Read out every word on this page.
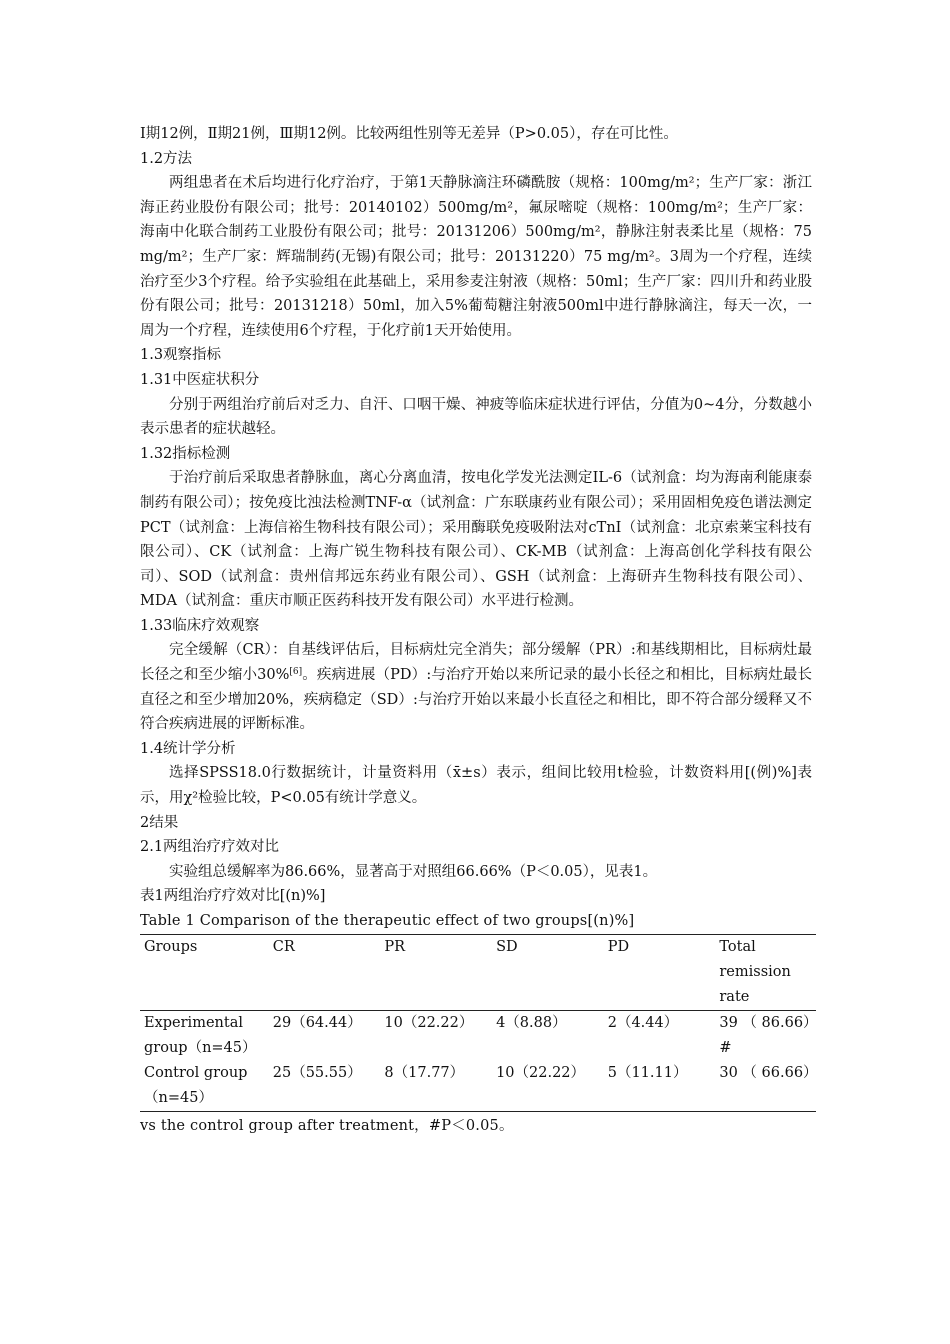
Ⅰ期12例，Ⅱ期21例，Ⅲ期12例。比较两组性别等无差异（P>0.05），存在可比性。
1.2方法

两组患者在术后均进行化疗治疗，于第1天静脉滴注环磷酰胺（规格：100mg/m²；生产厂家：浙江海正药业股份有限公司；批号：20140102）500mg/m²，氟尿嘧啶（规格：100mg/m²；生产厂家：海南中化联合制药工业股份有限公司；批号：20131206）500mg/m²，静脉注射表柔比星（规格：75 mg/m²；生产厂家：辉瑞制药(无锡)有限公司；批号：20131220）75 mg/m²。3周为一个疗程，连续治疗至少3个疗程。给予实验组在此基础上，采用参麦注射液（规格：50ml；生产厂家：四川升和药业股份有限公司；批号：20131218）50ml，加入5%葡萄糖注射液500ml中进行静脉滴注，每天一次，一周为一个疗程，连续使用6个疗程，于化疗前1天开始使用。

1.3观察指标
1.31中医症状积分

分别于两组治疗前后对乏力、自汗、口咽干燥、神疲等临床症状进行评估，分值为0~4分，分数越小表示患者的症状越轻。

1.32指标检测

于治疗前后采取患者静脉血，离心分离血清，按电化学发光法测定IL-6（试剂盒：均为海南利能康泰制药有限公司）；按免疫比浊法检测TNF-α（试剂盒：广东联康药业有限公司）；采用固相免疫色谱法测定PCT（试剂盒：上海信裕生物科技有限公司）；采用酶联免疫吸附法对cTnI（试剂盒：北京索莱宝科技有限公司）、CK（试剂盒：上海广锐生物科技有限公司）、CK-MB（试剂盒：上海高创化学科技有限公司）、SOD（试剂盒：贵州信邦远东药业有限公司）、GSH（试剂盒：上海研卉生物科技有限公司）、MDA（试剂盒：重庆市顺正医药科技开发有限公司）水平进行检测。

1.33临床疗效观察

完全缓解（CR）：自基线评估后，目标病灶完全消失；部分缓解（PR）:和基线期相比，目标病灶最长径之和至少缩小30%[6]。疾病进展（PD）:与治疗开始以来所记录的最小长径之和相比，目标病灶最长直径之和至少增加20%，疾病稳定（SD）:与治疗开始以来最小长直径之和相比，即不符合部分缓释又不符合疾病进展的评断标准。

1.4统计学分析

选择SPSS18.0行数据统计，计量资料用（x̄±s）表示，组间比较用t检验，计数资料用[(例)%]表示，用χ²检验比较，P<0.05有统计学意义。

2结果
2.1两组治疗疗效对比

实验组总缓解率为86.66%，显著高于对照组66.66%（P＜0.05），见表1。

表1两组治疗疗效对比[(n)%]
Table 1 Comparison of the therapeutic effect of two groups[(n)%]
Groups	CR	PR	SD	PD	Total remission rate
Experimental group（n=45）	29（64.44）	10（22.22）	4（8.88）	2（4.44）	39 （ 86.66）#
Control group（n=45）	25（55.55）	8（17.77）	10（22.22）	5（11.11）	30 （ 66.66）
vs the control group after treatment，#P＜0.05。
